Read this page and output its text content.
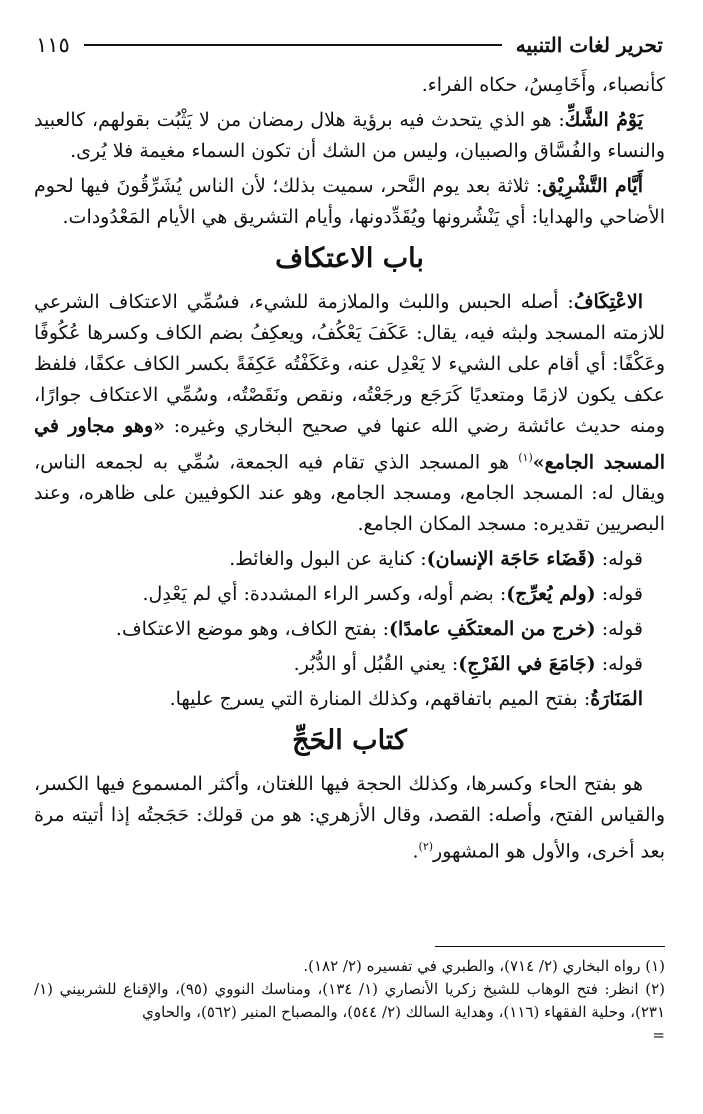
تحرير لغات التنبيه
١١٥

كأنصباء، وأَخَامِسُ، حكاه الفراء.

يَوْمُ الشَّكِّ: هو الذي يتحدث فيه برؤية هلال رمضان من لا يَثْبُت بقولهم، كالعبيد والنساء والفُسَّاق والصبيان، وليس من الشك أن تكون السماء مغيمة فلا يُرى.

أَيَّام التَّشْرِيْق: ثلاثة بعد يوم النَّحر، سميت بذلك؛ لأن الناس يُشَرِّقُونَ فيها لحوم الأضاحي والهدايا: أي يَنْشُرونها ويُقَدِّدونها، وأيام التشريق هي الأيام المَعْدُودات.

باب الاعتكاف

الاعْتِكَافُ: أصله الحبس واللبث والملازمة للشيء، فسُمِّي الاعتكاف الشرعي للازمته المسجد ولبثه فيه، يقال: عَكَفَ يَعْكُفُ، ويعكِفُ بضم الكاف وكسرها عُكُوفًا وعَكْفًا: أي أقام على الشيء لا يَعْدِل عنه، وعَكَفْتُه عَكِفَةً بكسر الكاف عكفًا، فلفظ عكف يكون لازمًا ومتعديًا كَرَجَع ورجَعْتُه، ونقص ونَقَصْتُه، وسُمِّي الاعتكاف جوارًا، ومنه حديث عائشة رضي الله عنها في صحيح البخاري وغيره: «وهو مجاور في المسجد الجامع»$^{(١)}$ هو المسجد الذي تقام فيه الجمعة، سُمِّي به لجمعه الناس، ويقال له: المسجد الجامع، ومسجد الجامع، وهو عند الكوفيين على ظاهره، وعند البصريين تقديره: مسجد المكان الجامع.

قوله: (قَضَاء حَاجَة الإنسان): كناية عن البول والغائط.

قوله: (ولم يُعرِّج): بضم أوله، وكسر الراء المشددة: أي لم يَعْدِل.

قوله: (خرج من المعتكَفِ عامدًا): بفتح الكاف، وهو موضع الاعتكاف.

قوله: (جَامَعَ في الفَرْجِ): يعني القُبُل أو الدُّبُر.

المَنَارَةُ: بفتح الميم باتفاقهم، وكذلك المنارة التي يسرج عليها.

كتاب الحَجِّ

هو بفتح الحاء وكسرها، وكذلك الحجة فيها اللغتان، وأكثر المسموع فيها الكسر، والقياس الفتح، وأصله: القصد، وقال الأزهري: هو من قولك: حَجَجتُه إذا أتيته مرة بعد أخرى، والأول هو المشهور$^{(٢)}$.

(١) رواه البخاري (٢/ ٧١٤)، والطبري في تفسيره (٢/ ١٨٢).

(٢) انظر: فتح الوهاب للشيخ زكريا الأنصاري (١/ ١٣٤)، ومناسك النووي (٩٥)، والإقناع للشربيني (١/ ٢٣١)، وحلية الفقهاء (١١٦)، وهداية السالك (٢/ ٥٤٤)، والمصباح المنير (٥٦٢)، والحاوي

=
